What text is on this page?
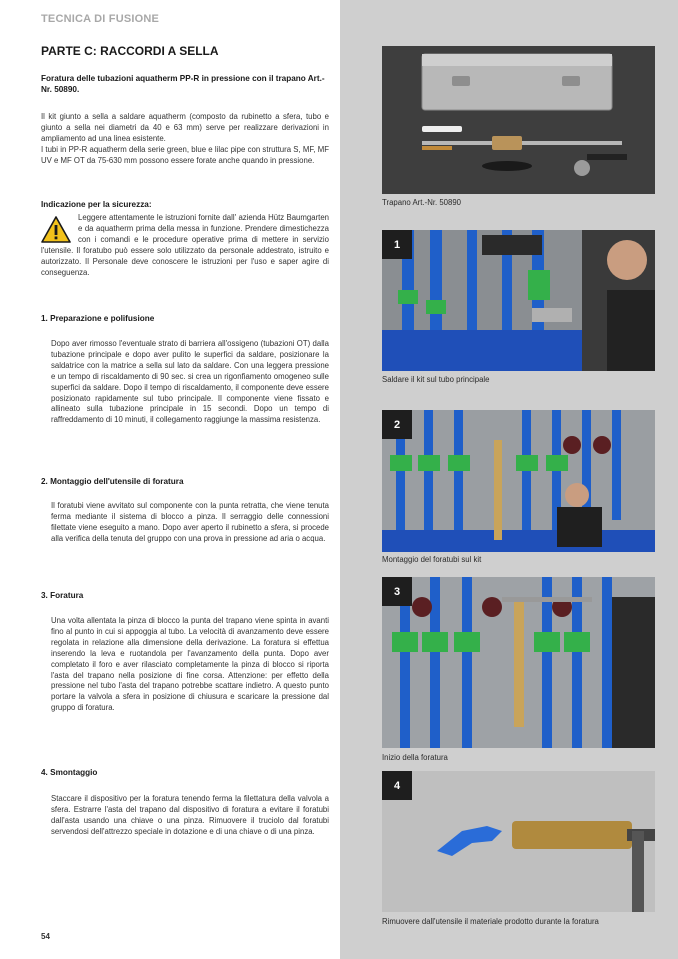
TECNICA DI FUSIONE
PARTE C: RACCORDI A SELLA
Foratura delle tubazioni aquatherm PP-R in pressione con il trapano Art.-Nr. 50890.
Il kit giunto a sella a saldare aquatherm (composto da rubinetto a sfera, tubo e giunto a sella nei diametri da 40 e 63 mm) serve per realizzare derivazioni in ampliamento ad una linea esistente.
I tubi in PP-R aquatherm della serie green, blue e lilac pipe con struttura S, MF, MF UV e MF OT da 75-630 mm possono essere forate anche quando in pressione.
Indicazione per la sicurezza:
Leggere attentamente le istruzioni fornite dall' azienda Hütz Baumgarten e da aquatherm prima della messa in funzione. Prendere dimestichezza con i comandi e le procedure operative prima di mettere in servizio l'utensile. Il foratubo può essere solo utilizzato da personale addestrato, istruito e autorizzato. Il Personale deve conoscere le istruzioni per l'uso e saper agire di conseguenza.
1. Preparazione e polifusione
Dopo aver rimosso l'eventuale strato di barriera all'ossigeno (tubazioni OT) dalla tubazione principale e dopo aver pulito le superfici da saldare, posizionare la saldatrice con la matrice a sella sul lato da saldare. Con una leggera pressione e un tempo di riscaldamento di 90 sec. si crea un rigonfiamento omogeneo sulle superfici da saldare. Dopo il tempo di riscaldamento, il componente deve essere posizionato rapidamente sul tubo principale. Il componente viene fissato e allineato sulla tubazione principale in 15 secondi. Dopo un tempo di raffreddamento di 10 minuti, il collegamento raggiunge la massima resistenza.
2. Montaggio dell'utensile di foratura
Il foratubi viene avvitato sul componente con la punta retratta, che viene tenuta ferma mediante il sistema di blocco a pinza. Il serraggio delle connessioni filettate viene eseguito a mano. Dopo aver aperto il rubinetto a sfera, si procede alla verifica della tenuta del gruppo con una prova in pressione ad aria o acqua.
3. Foratura
Una volta allentata la pinza di blocco la punta del trapano viene spinta in avanti fino al punto in cui si appoggia al tubo. La velocità di avanzamento deve essere regolata in relazione alla dimensione della derivazione. La foratura si effettua inserendo la leva e ruotandola per l'avanzamento della punta. Dopo aver completato il foro e aver rilasciato completamente la pinza di blocco si riporta l'asta del trapano nella posizione di fine corsa. Attenzione: per effetto della pressione nel tubo l'asta del trapano potrebbe scattare indietro. A questo punto portare la valvola a sfera in posizione di chiusura e scaricare la pressione dal gruppo di foratura.
4. Smontaggio
Staccare il dispositivo per la foratura tenendo ferma la filettatura della valvola a sfera. Estrarre l'asta del trapano dal dispositivo di foratura a evitare il foratubi dall'asta usando una chiave o una pinza. Rimuovere il truciolo dal foratubi servendosi dell'attrezzo speciale in dotazione e di una chiave o di una pinza.
54
Trapano Art.-Nr. 50890
1
Saldare il kit sul tubo principale
2
Montaggio del foratubi sul kit
3
Inizio della foratura
4
Rimuovere dall'utensile il materiale prodotto durante la foratura
